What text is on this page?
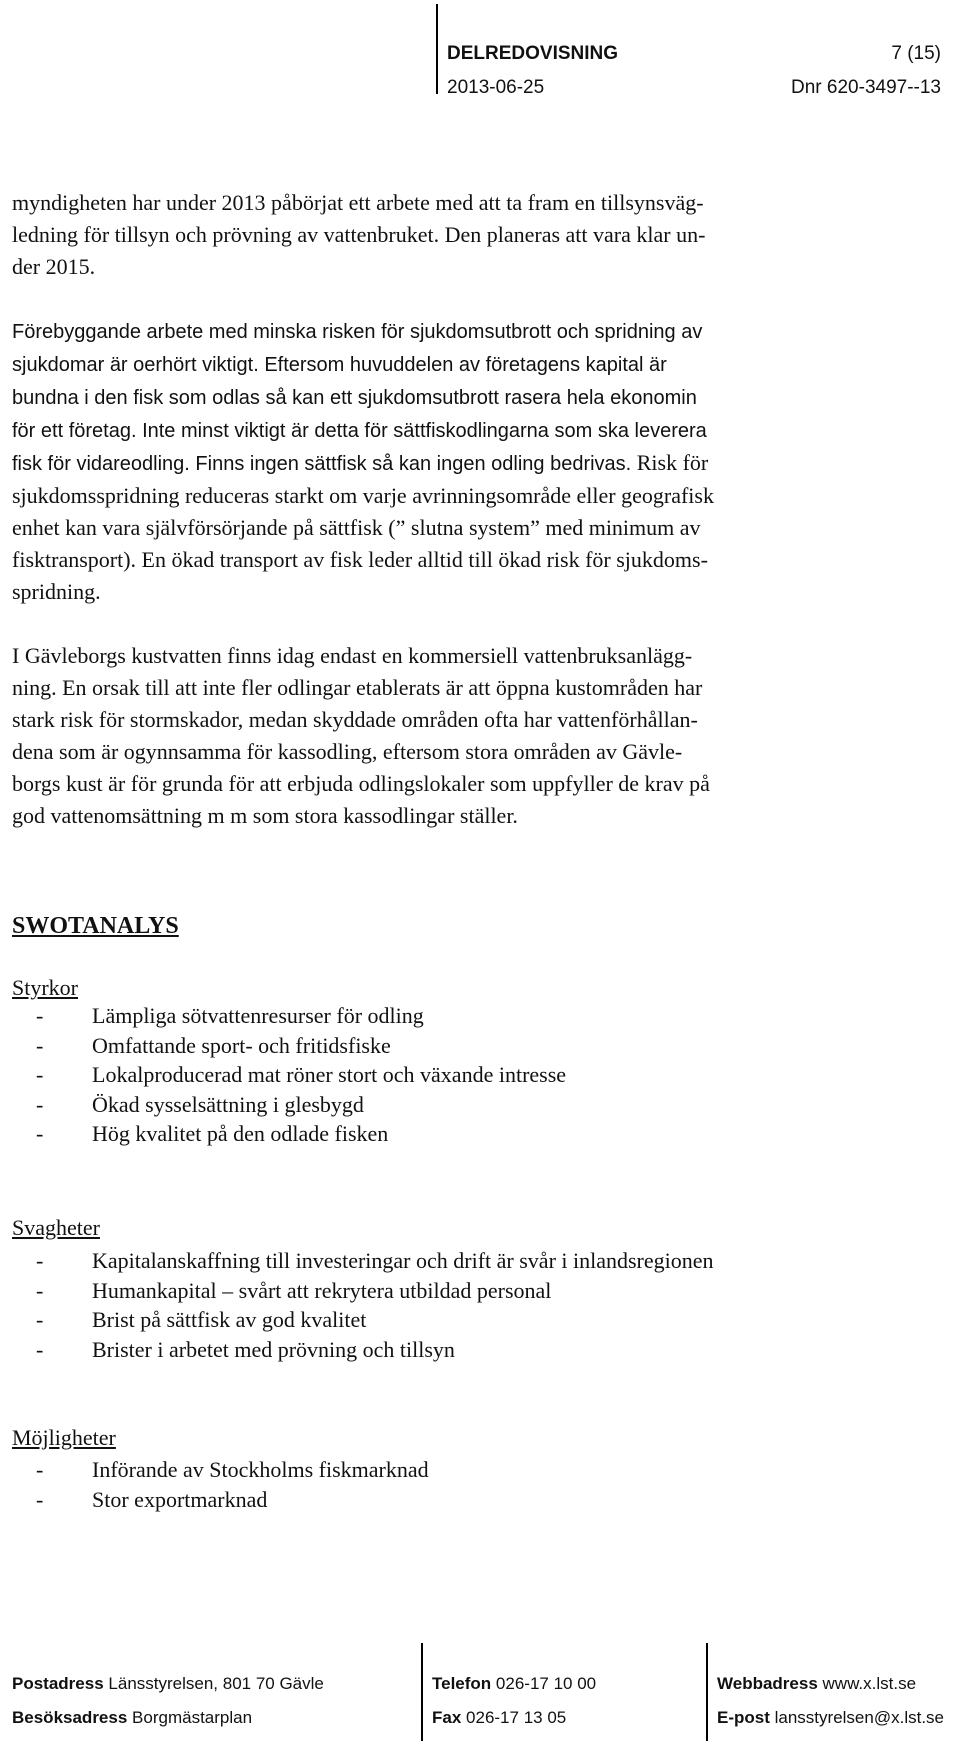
DELREDOVISNING	7 (15)
2013-06-25	Dnr 620-3497--13

myndigheten har under 2013 påbörjat ett arbete med att ta fram en tillsynsväg-

ledning för tillsyn och prövning av vattenbruket. Den planeras att vara klar un-

der 2015.

Förebyggande arbete med minska risken för sjukdomsutbrott och spridning av
sjukdomar är oerhört viktigt. Eftersom huvuddelen av företagens kapital är
bundna i den fisk som odlas så kan ett sjukdomsutbrott rasera hela ekonomin
för ett företag. Inte minst viktigt är detta för sättfiskodlingarna som ska leverera
fisk för vidareodling. Finns ingen sättfisk så kan ingen odling bedrivas. Risk för
sjukdomsspridning reduceras starkt om varje avrinningsområde eller geografisk
enhet kan vara självförsörjande på sättfisk (” slutna system” med minimum av
fisktransport). En ökad transport av fisk leder alltid till ökad risk för sjukdoms-
spridning.

I Gävleborgs kustvatten finns idag endast en kommersiell vattenbruksanlägg-

ning. En orsak till att inte fler odlingar etablerats är att öppna kustområden har

stark risk för stormskador, medan skyddade områden ofta har vattenförhållan-

dena som är ogynnsamma för kassodling, eftersom stora områden av Gävle-

borgs kust är för grunda för att erbjuda odlingslokaler som uppfyller de krav på

god vattenomsättning m m som stora kassodlingar ställer.

SWOTANALYS
Styrkor
-	Lämpliga sötvattenresurser för odling
-	Omfattande sport- och fritidsfiske
-	Lokalproducerad mat röner stort och växande intresse
-	Ökad sysselsättning i glesbygd
-	Hög kvalitet på den odlade fisken
Svagheter
-	Kapitalanskaffning till investeringar och drift är svår i inlandsregionen
-	Humankapital – svårt att rekrytera utbildad personal
-	Brist på sättfisk av god kvalitet
-	Brister i arbetet med prövning och tillsyn
Möjligheter
-	Införande av Stockholms fiskmarknad
-	Stor exportmarknad
Postadress Länsstyrelsen, 801 70 Gävle
Besöksadress Borgmästarplan
Telefon 026-17 10 00
Fax 026-17 13 05
Webbadress www.x.lst.se
E-post lansstyrelsen@x.lst.se
